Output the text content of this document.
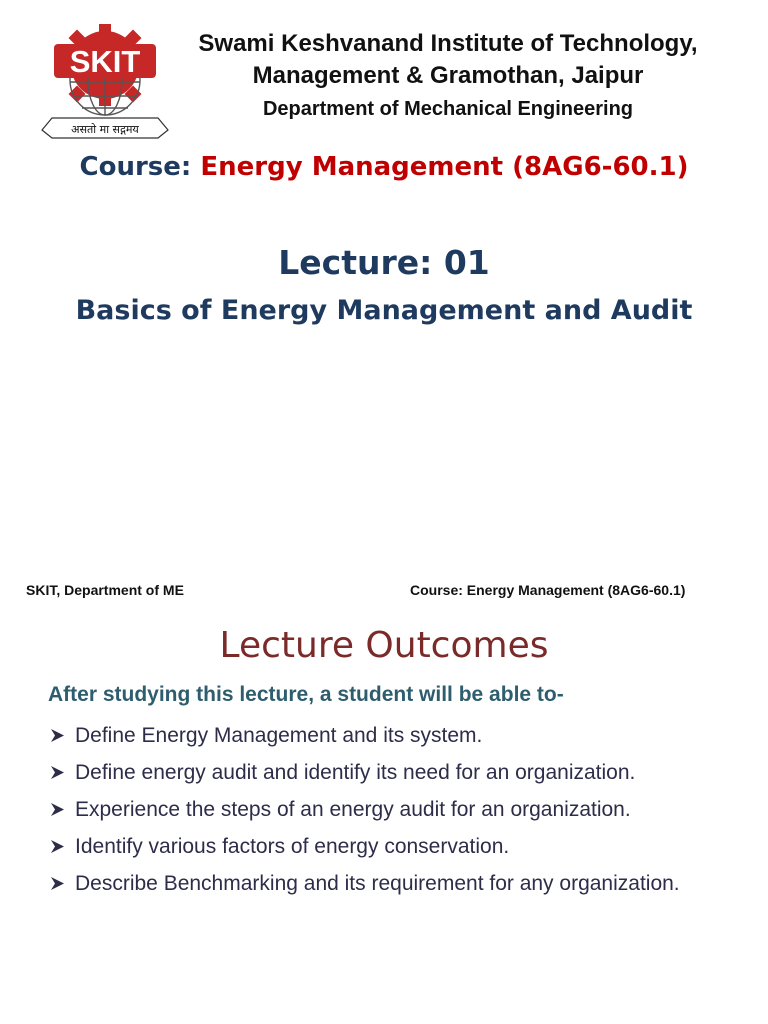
SKIT
असतो मा सद्गमय
Swami Keshvanand Institute of Technology,
Management & Gramothan, Jaipur
Department of Mechanical Engineering
Course: Energy Management (8AG6-60.1)
Lecture: 01
Basics of Energy Management and Audit
SKIT, Department of ME	Course: Energy Management (8AG6-60.1)
Lecture Outcomes
After studying this lecture, a student will be able to-
Define Energy Management and its system.
Define energy audit and identify its need for an organization.
Experience the steps of an energy audit for an organization.
Identify various factors of energy conservation.
Describe Benchmarking and its requirement for any organization.
